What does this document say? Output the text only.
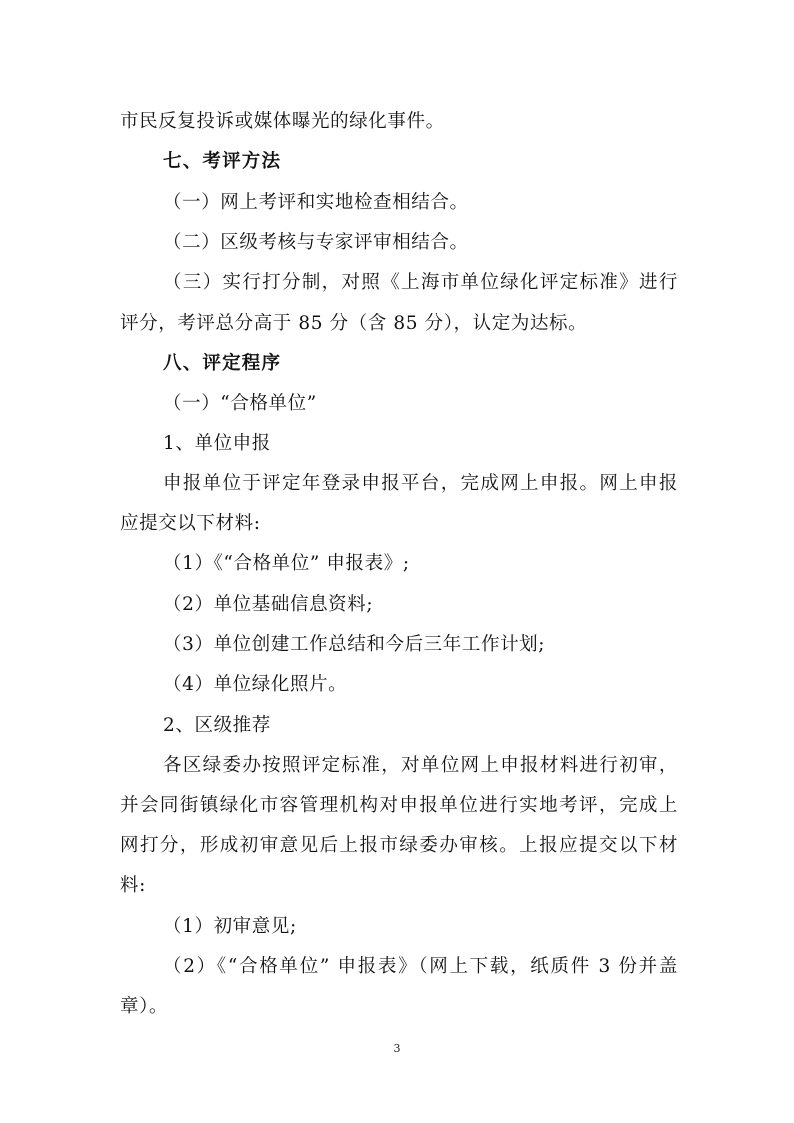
市民反复投诉或媒体曝光的绿化事件。
七、考评方法
（一）网上考评和实地检查相结合。
（二）区级考核与专家评审相结合。
（三）实行打分制，对照《上海市单位绿化评定标准》进行
评分，考评总分高于 85 分（含 85 分），认定为达标。
八、评定程序
（一）“合格单位”
1、单位申报
申报单位于评定年登录申报平台，完成网上申报。网上申报
应提交以下材料:
（1）《“合格单位” 申报表》;
（2）单位基础信息资料;
（3）单位创建工作总结和今后三年工作计划;
（4）单位绿化照片。
2、区级推荐
各区绿委办按照评定标准，对单位网上申报材料进行初审，
并会同街镇绿化市容管理机构对申报单位进行实地考评，完成上
网打分，形成初审意见后上报市绿委办审核。上报应提交以下材
料:
（1）初审意见;
（2）《“合格单位” 申报表》（网上下载，纸质件 3 份并盖
章）。
3
